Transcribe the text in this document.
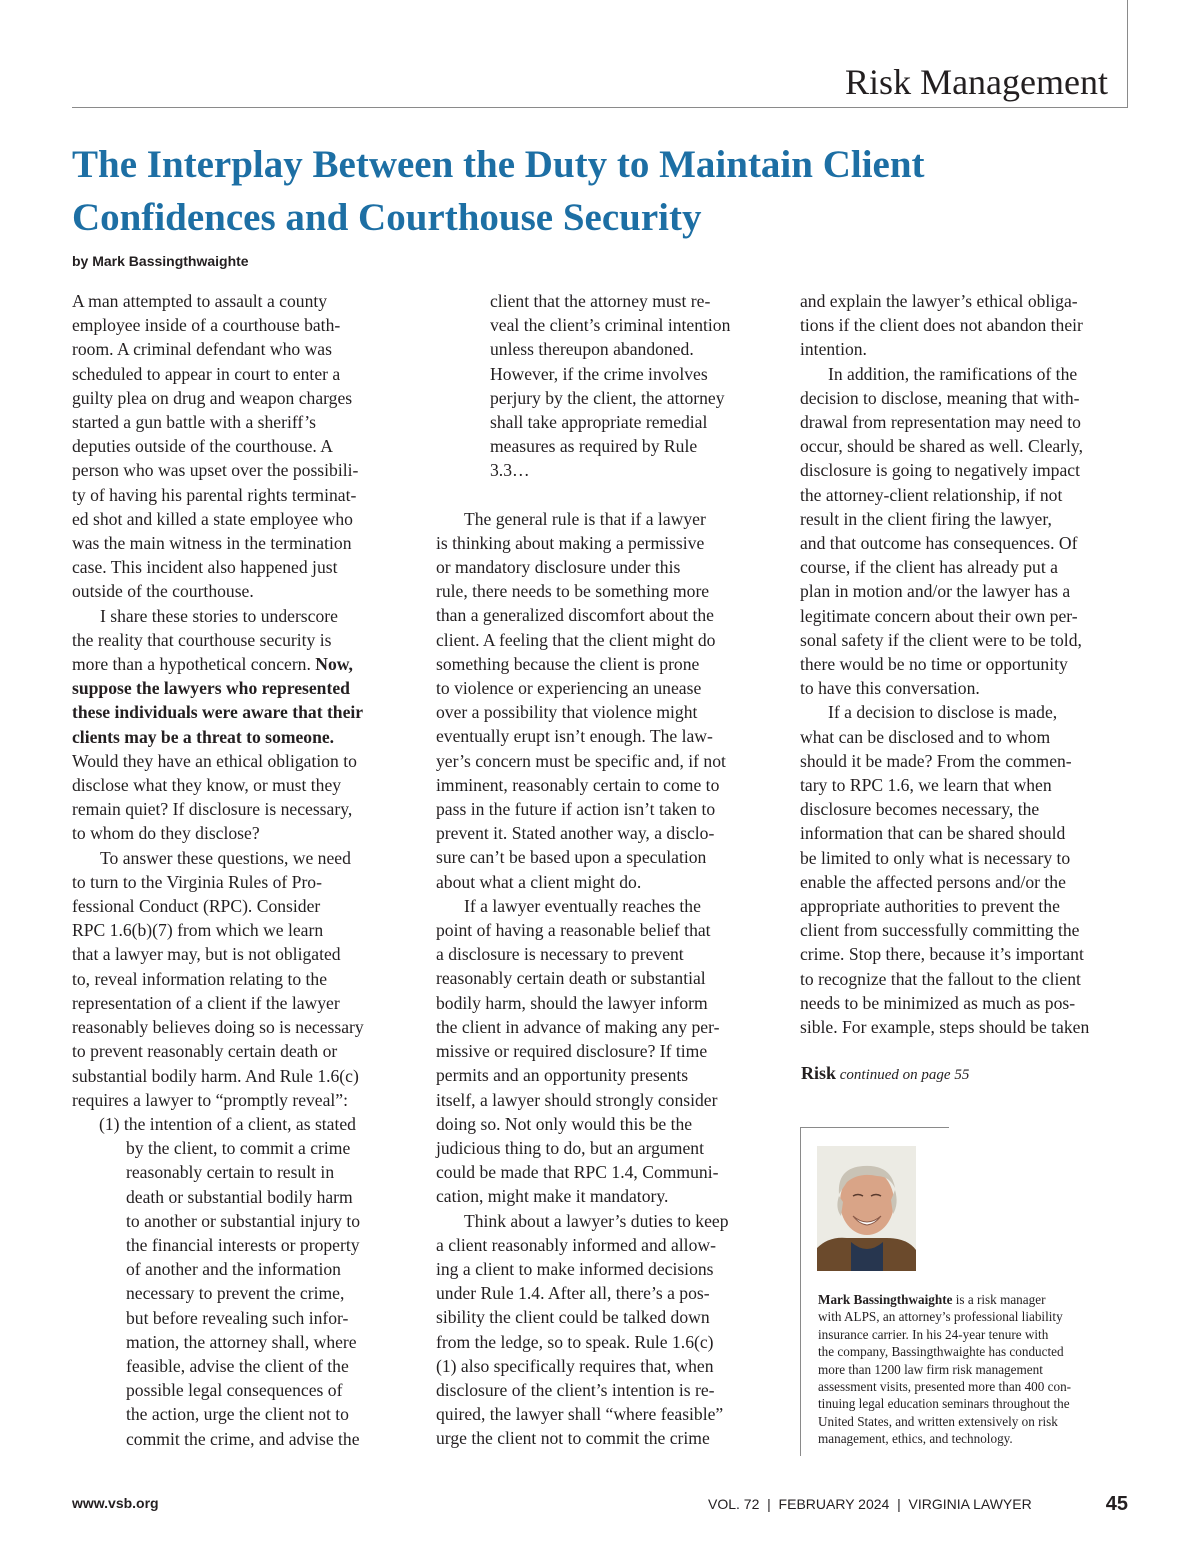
Risk Management
The Interplay Between the Duty to Maintain Client
Confidences and Courthouse Security
by Mark Bassingthwaighte

A man attempted to assault a county

employee inside of a courthouse bath-

room. A criminal defendant who was

scheduled to appear in court to enter a

guilty plea on drug and weapon charges

started a gun battle with a sheriff’s

deputies outside of the courthouse. A

person who was upset over the possibili-

ty of having his parental rights terminat-

ed shot and killed a state employee who

was the main witness in the termination

case. This incident also happened just

outside of the courthouse.

I share these stories to underscore

the reality that courthouse security is

more than a hypothetical concern. Now,

suppose the lawyers who represented

these individuals were aware that their

clients may be a threat to someone.

Would they have an ethical obligation to

disclose what they know, or must they

remain quiet? If disclosure is necessary,

to whom do they disclose?

To answer these questions, we need

to turn to the Virginia Rules of Pro-

fessional Conduct (RPC). Consider

RPC 1.6(b)(7) from which we learn

that a lawyer may, but is not obligated

to, reveal information relating to the

representation of a client if the lawyer

reasonably believes doing so is necessary

to prevent reasonably certain death or

substantial bodily harm. And Rule 1.6(c)

requires a lawyer to “promptly reveal”:

(1) the intention of a client, as stated

by the client, to commit a crime

reasonably certain to result in

death or substantial bodily harm

to another or substantial injury to

the financial interests or property

of another and the information

necessary to prevent the crime,

but before revealing such infor-

mation, the attorney shall, where

feasible, advise the client of the

possible legal consequences of

the action, urge the client not to

commit the crime, and advise the

client that the attorney must re-

veal the client’s criminal intention

unless thereupon abandoned.

However, if the crime involves

perjury by the client, the attorney

shall take appropriate remedial

measures as required by Rule

3.3…

The general rule is that if a lawyer

is thinking about making a permissive

or mandatory disclosure under this

rule, there needs to be something more

than a generalized discomfort about the

client. A feeling that the client might do

something because the client is prone

to violence or experiencing an unease

over a possibility that violence might

eventually erupt isn’t enough. The law-

yer’s concern must be specific and, if not

imminent, reasonably certain to come to

pass in the future if action isn’t taken to

prevent it. Stated another way, a disclo-

sure can’t be based upon a speculation

about what a client might do.

If a lawyer eventually reaches the

point of having a reasonable belief that

a disclosure is necessary to prevent

reasonably certain death or substantial

bodily harm, should the lawyer inform

the client in advance of making any per-

missive or required disclosure? If time

permits and an opportunity presents

itself, a lawyer should strongly consider

doing so. Not only would this be the

judicious thing to do, but an argument

could be made that RPC 1.4, Communi-

cation, might make it mandatory.

Think about a lawyer’s duties to keep

a client reasonably informed and allow-

ing a client to make informed decisions

under Rule 1.4. After all, there’s a pos-

sibility the client could be talked down

from the ledge, so to speak. Rule 1.6(c)

(1) also specifically requires that, when

disclosure of the client’s intention is re-

quired, the lawyer shall “where feasible”

urge the client not to commit the crime

and explain the lawyer’s ethical obliga-

tions if the client does not abandon their

intention.

In addition, the ramifications of the

decision to disclose, meaning that with-

drawal from representation may need to

occur, should be shared as well. Clearly,

disclosure is going to negatively impact

the attorney-client relationship, if not

result in the client firing the lawyer,

and that outcome has consequences. Of

course, if the client has already put a

plan in motion and/or the lawyer has a

legitimate concern about their own per-

sonal safety if the client were to be told,

there would be no time or opportunity

to have this conversation.

If a decision to disclose is made,

what can be disclosed and to whom

should it be made? From the commen-

tary to RPC 1.6, we learn that when

disclosure becomes necessary, the

information that can be shared should

be limited to only what is necessary to

enable the affected persons and/or the

appropriate authorities to prevent the

client from successfully committing the

crime. Stop there, because it’s important

to recognize that the fallout to the client

needs to be minimized as much as pos-

sible. For example, steps should be taken

Risk continued on page 55

Mark Bassingthwaighte is a risk manager

with ALPS, an attorney’s professional liability

insurance carrier. In his 24-year tenure with

the company, Bassingthwaighte has conducted

more than 1200 law firm risk management

assessment visits, presented more than 400 con-

tinuing legal education seminars throughout the

United States, and written extensively on risk

management, ethics, and technology.

www.vsb.org	VOL. 72  |  FEBRUARY 2024  |  VIRGINIA LAWYER	45
